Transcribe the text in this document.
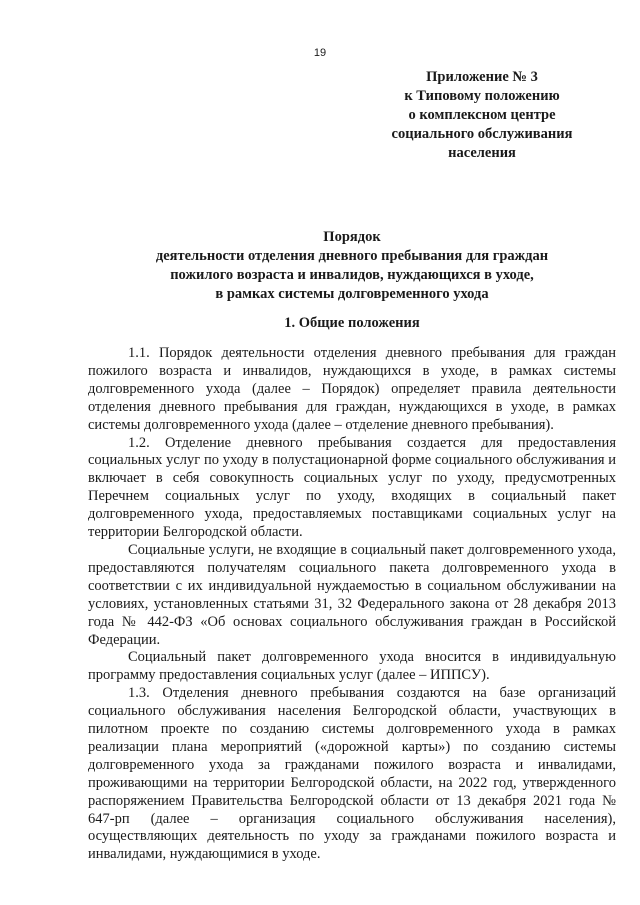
19
Приложение № 3
к Типовому положению
о комплексном центре
социального обслуживания
населения
Порядок
деятельности отделения дневного пребывания для граждан
пожилого возраста и инвалидов, нуждающихся в уходе,
в рамках системы долговременного ухода
1. Общие положения

1.1. Порядок деятельности отделения дневного пребывания для граждан пожилого возраста и инвалидов, нуждающихся в уходе, в рамках системы долговременного ухода (далее – Порядок) определяет правила деятельности отделения дневного пребывания для граждан, нуждающихся в уходе, в рамках системы долговременного ухода (далее – отделение дневного пребывания).

1.2. Отделение дневного пребывания создается для предоставления социальных услуг по уходу в полустационарной форме социального обслуживания и включает в себя совокупность социальных услуг по уходу, предусмотренных Перечнем социальных услуг по уходу, входящих в социальный пакет долговременного ухода, предоставляемых поставщиками социальных услуг на территории Белгородской области.

Социальные услуги, не входящие в социальный пакет долговременного ухода, предоставляются получателям социального пакета долговременного ухода в соответствии с их индивидуальной нуждаемостью в социальном обслуживании на условиях, установленных статьями 31, 32 Федерального закона от 28 декабря 2013 года № 442-ФЗ «Об основах социального обслуживания граждан в Российской Федерации.

Социальный пакет долговременного ухода вносится в индивидуальную программу предоставления социальных услуг (далее – ИППСУ).

1.3. Отделения дневного пребывания создаются на базе организаций социального обслуживания населения Белгородской области, участвующих в пилотном проекте по созданию системы долговременного ухода в рамках реализации плана мероприятий («дорожной карты») по созданию системы долговременного ухода за гражданами пожилого возраста и инвалидами, проживающими на территории Белгородской области, на 2022 год, утвержденного распоряжением Правительства Белгородской области от 13 декабря 2021 года № 647-рп (далее – организация социального обслуживания населения), осуществляющих деятельность по уходу за гражданами пожилого возраста и инвалидами, нуждающимися в уходе.
